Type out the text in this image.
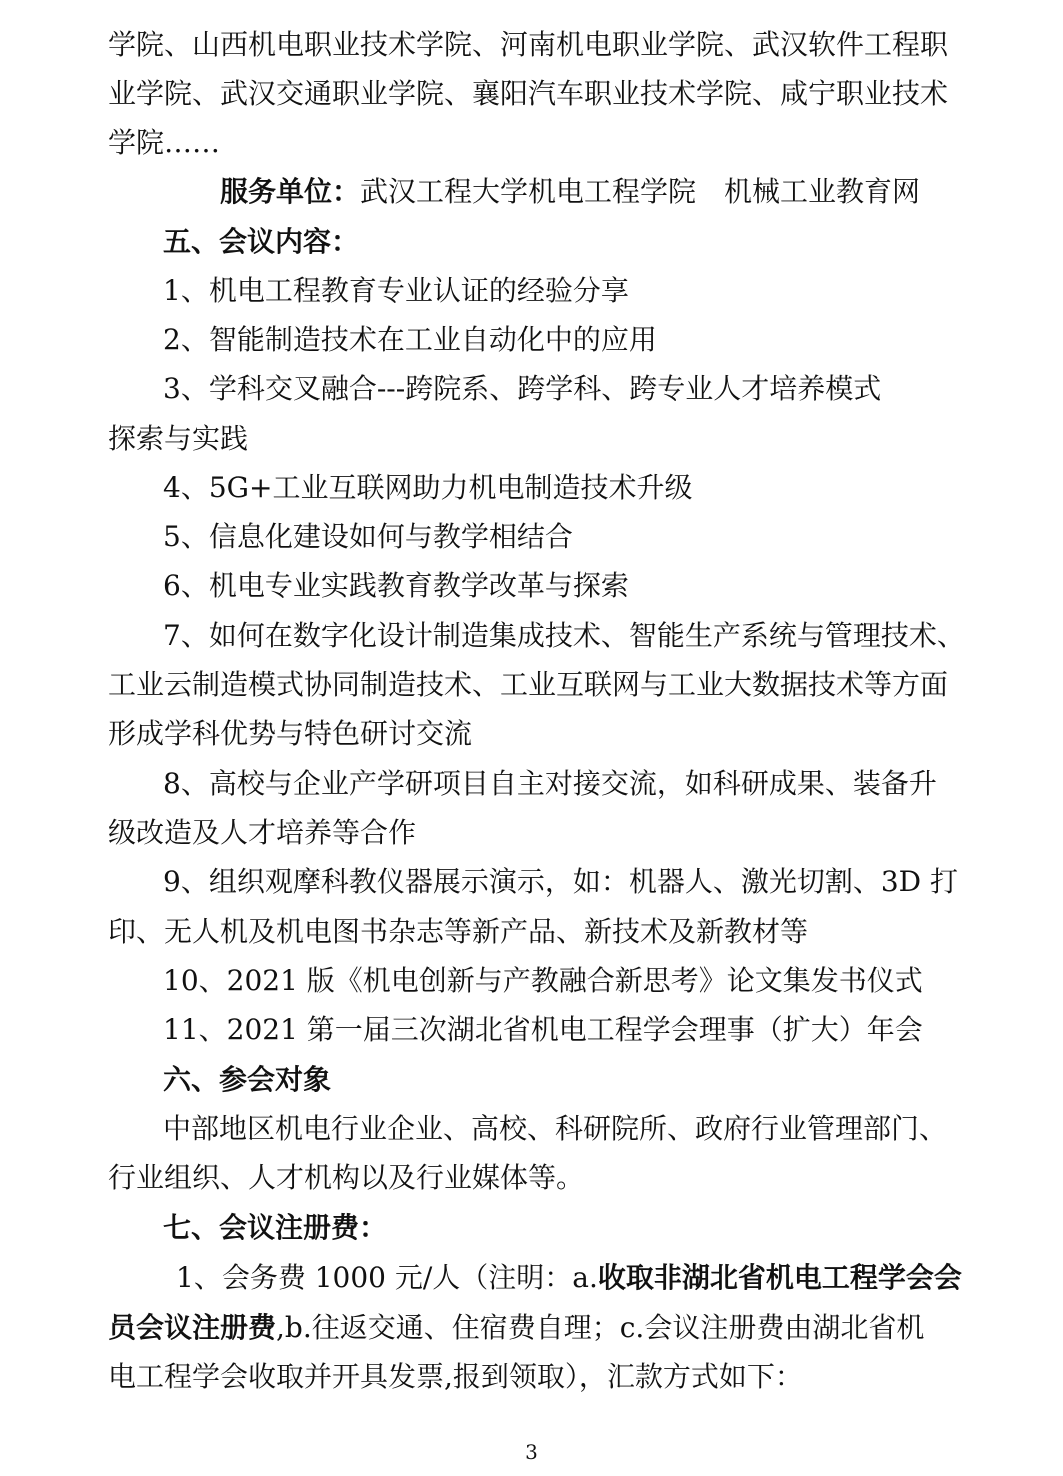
学院、山西机电职业技术学院、河南机电职业学院、武汉软件工程职
业学院、武汉交通职业学院、襄阳汽车职业技术学院、咸宁职业技术
学院……
服务单位：武汉工程大学机电工程学院　机械工业教育网
五、会议内容：
1、机电工程教育专业认证的经验分享
2、智能制造技术在工业自动化中的应用
3、学科交叉融合---跨院系、跨学科、跨专业人才培养模式
探索与实践
4、5G+工业互联网助力机电制造技术升级
5、信息化建设如何与教学相结合
6、机电专业实践教育教学改革与探索
7、如何在数字化设计制造集成技术、智能生产系统与管理技术、
工业云制造模式协同制造技术、工业互联网与工业大数据技术等方面
形成学科优势与特色研讨交流
8、高校与企业产学研项目自主对接交流，如科研成果、装备升
级改造及人才培养等合作
9、组织观摩科教仪器展示演示，如：机器人、激光切割、3D 打
印、无人机及机电图书杂志等新产品、新技术及新教材等
10、2021 版《机电创新与产教融合新思考》论文集发书仪式
11、2021 第一届三次湖北省机电工程学会理事（扩大）年会
六、参会对象
中部地区机电行业企业、高校、科研院所、政府行业管理部门、
行业组织、人才机构以及行业媒体等。
七、会议注册费：
1、会务费 1000 元/人（注明：a.收取非湖北省机电工程学会会
员会议注册费,b.往返交通、住宿费自理；c.会议注册费由湖北省机
电工程学会收取并开具发票,报到领取），汇款方式如下：
3
